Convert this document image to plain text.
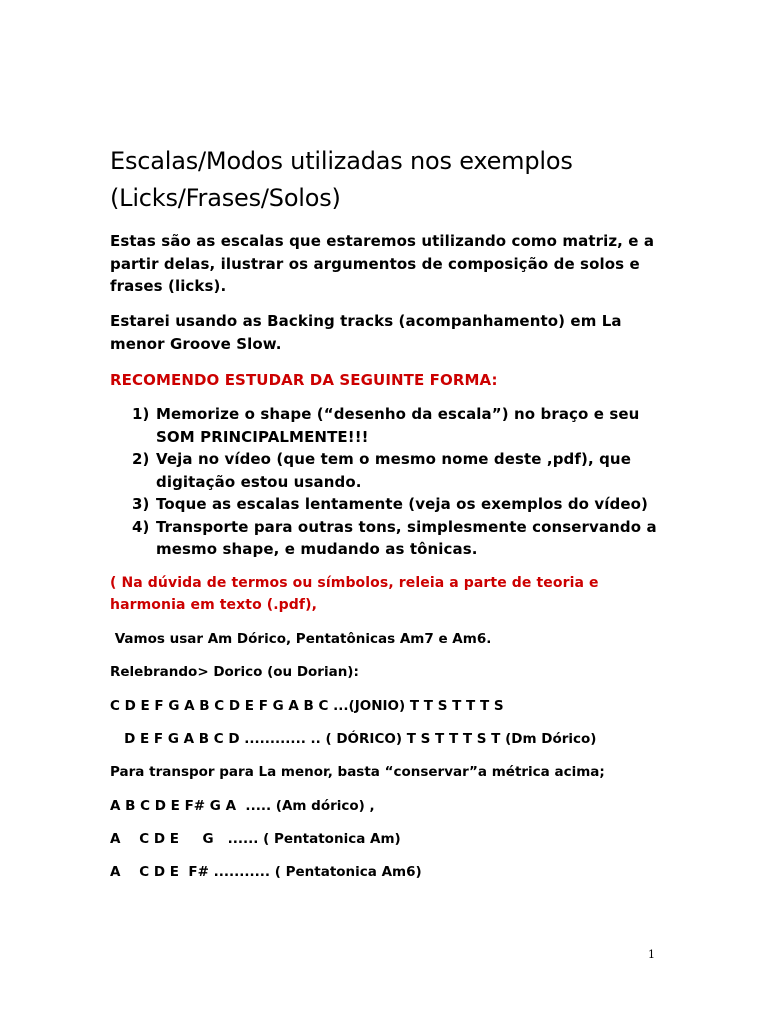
Escalas/Modos utilizadas nos exemplos
(Licks/Frases/Solos)

Estas são as escalas que estaremos utilizando como matriz, e a partir delas, ilustrar os argumentos de composição de solos e frases (licks).

Estarei usando as Backing tracks (acompanhamento) em La menor Groove Slow.

RECOMENDO ESTUDAR DA SEGUINTE FORMA:

1) Memorize o shape (“desenho da escala”) no braço e seu SOM PRINCIPALMENTE!!!
2) Veja no vídeo (que tem o mesmo nome deste ,pdf), que digitação estou usando.
3) Toque as escalas lentamente (veja os exemplos do vídeo)
4) Transporte para outras tons, simplesmente conservando a mesmo shape, e mudando as tônicas.

( Na dúvida de termos ou símbolos, releia a parte de teoria e harmonia em texto (.pdf),

Vamos usar Am Dórico, Pentatônicas Am7 e Am6.

Relebrando> Dorico (ou Dorian):

C D E F G A B C D E F G A B C ...(JONIO) T T S T T T S

D E F G A B C D ............ .. ( DÓRICO) T S T T T S T (Dm Dórico)

Para transpor para La menor, basta “conservar”a métrica acima;

A B C D E F# G A  ..... (Am dórico) ,

A    C D E     G   ...... ( Pentatonica Am)

A    C D E  F# ........... ( Pentatonica Am6)

1
